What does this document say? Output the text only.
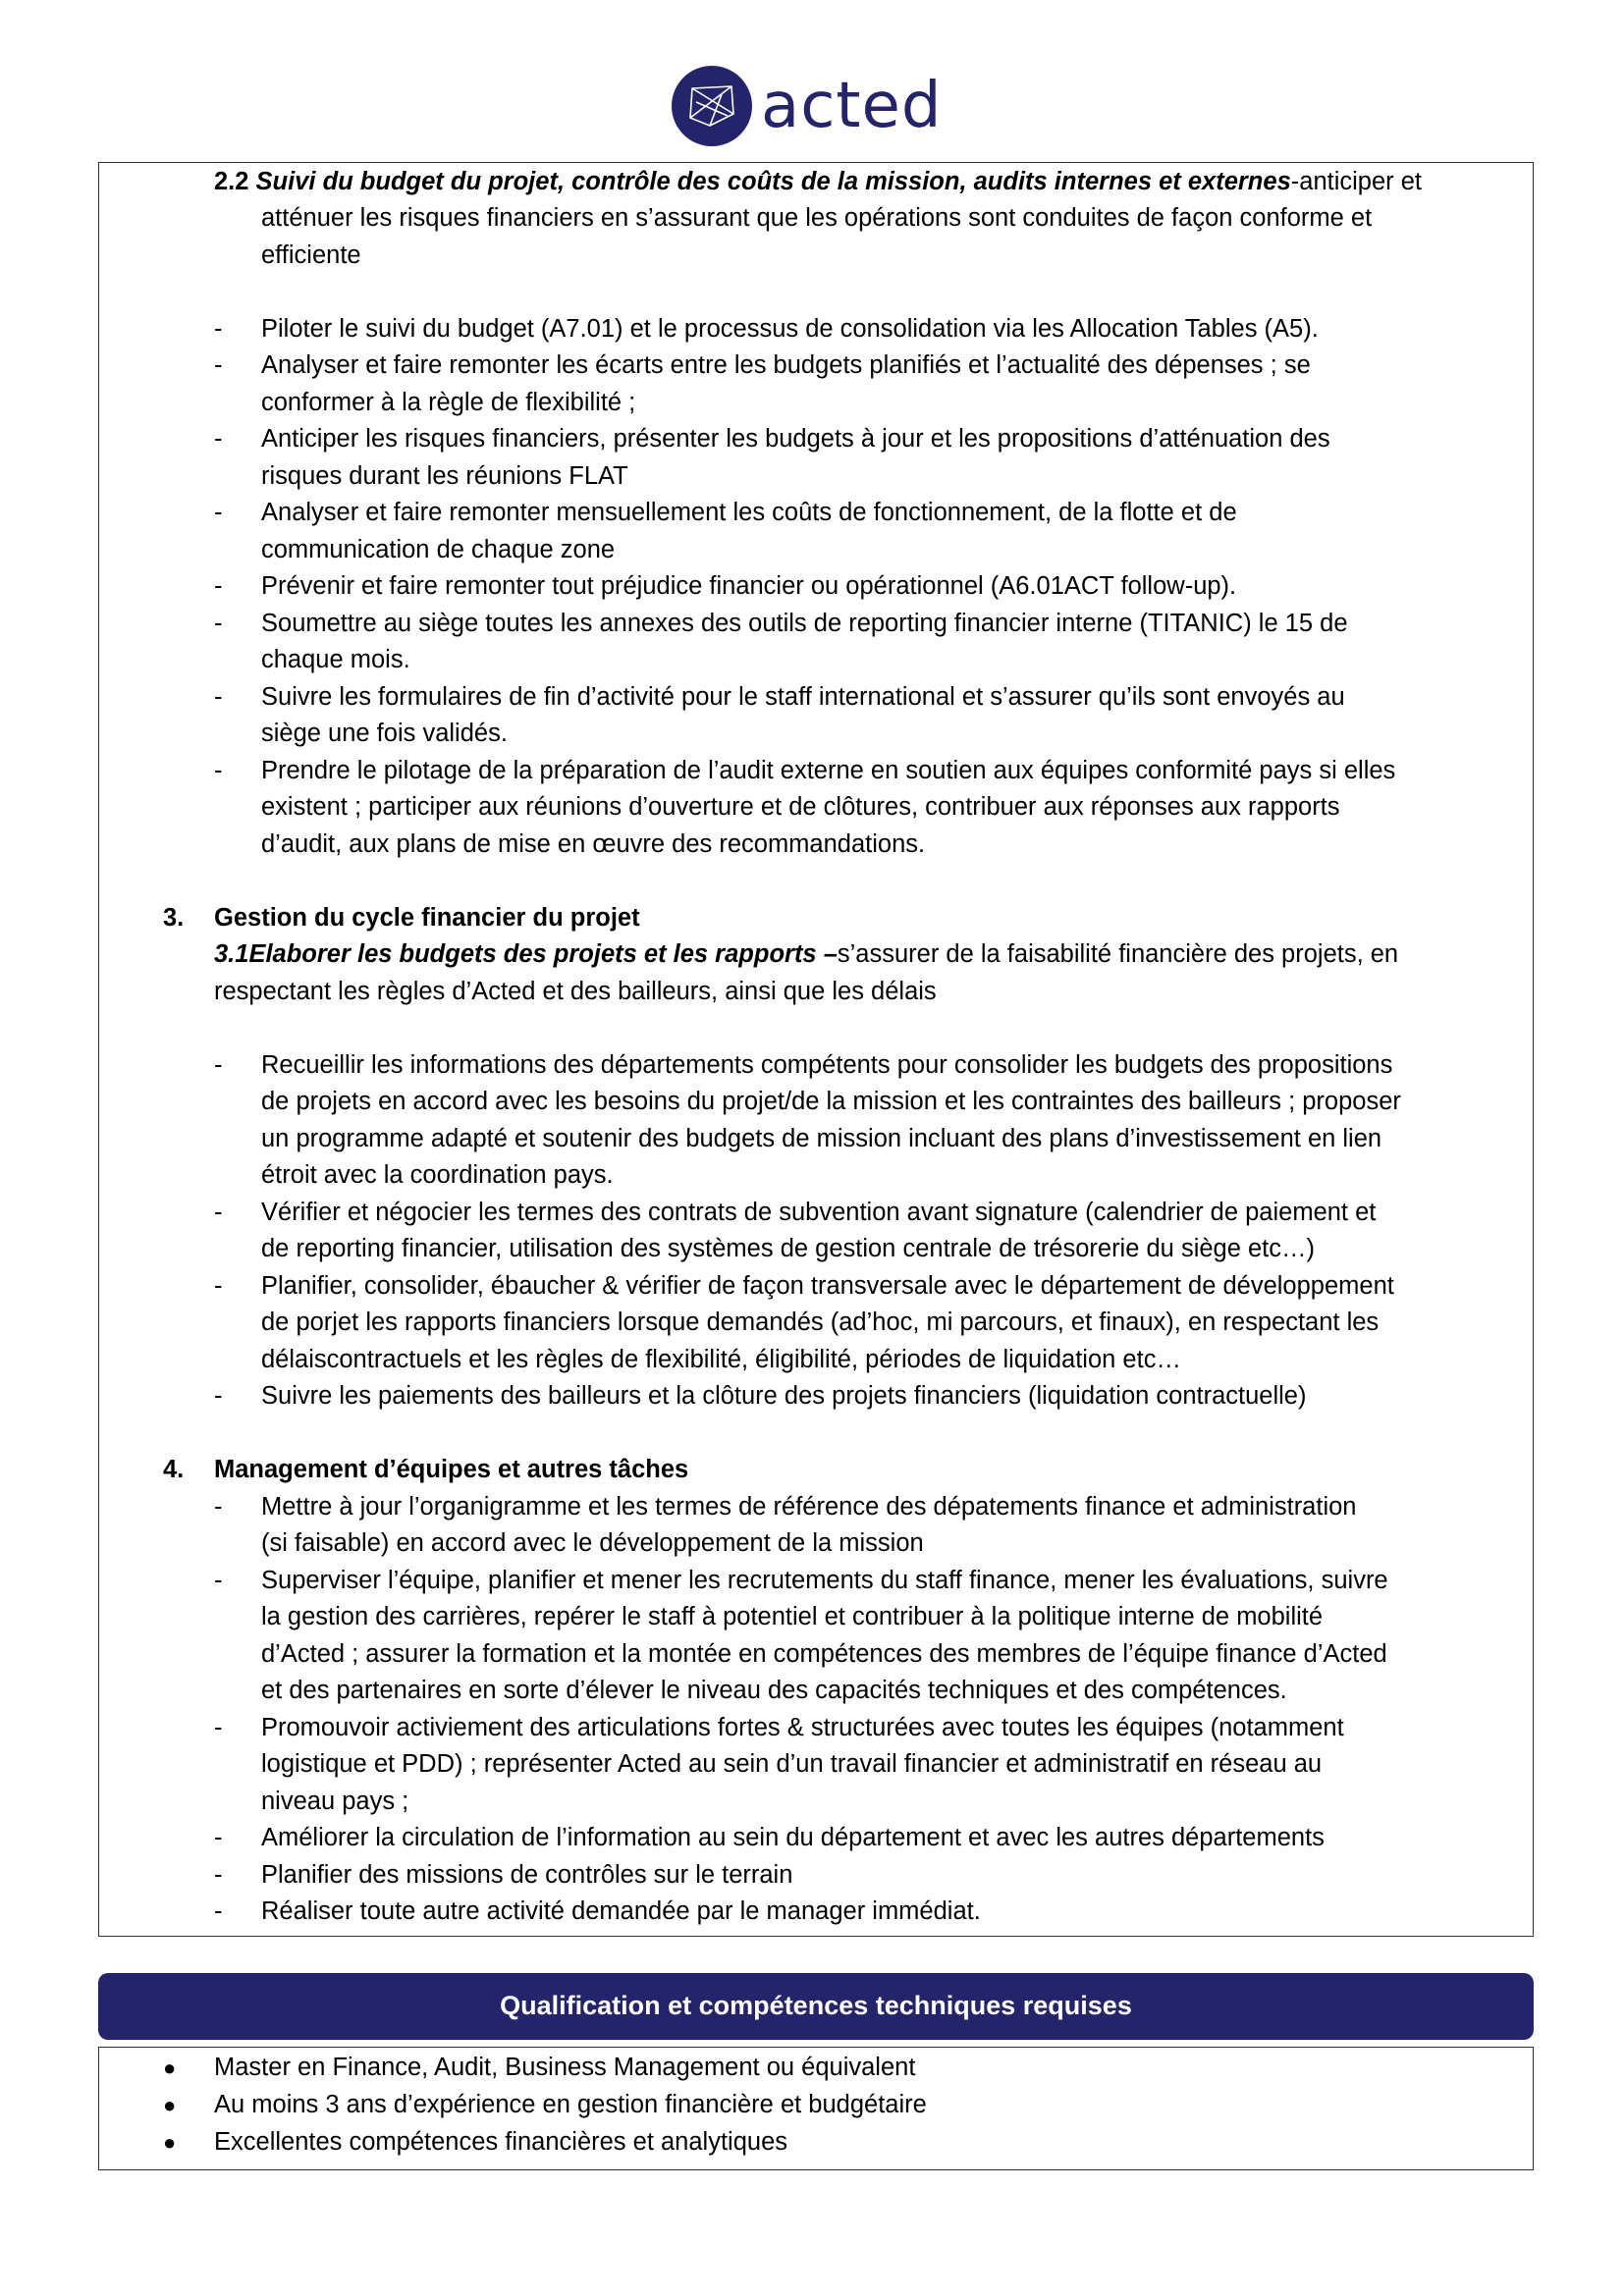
acted
2.2 Suivi du budget du projet, contrôle des coûts de la mission, audits internes et externes-anticiper et
atténuer les risques financiers en s’assurant que les opérations sont conduites de façon conforme et
efficiente
- Piloter le suivi du budget (A7.01) et le processus de consolidation via les Allocation Tables (A5).
- Analyser et faire remonter les écarts entre les budgets planifiés et l’actualité des dépenses ; se
conformer à la règle de flexibilité ;
- Anticiper les risques financiers, présenter les budgets à jour et les propositions d’atténuation des
risques durant les réunions FLAT
- Analyser et faire remonter mensuellement les coûts de fonctionnement, de la flotte et de
communication de chaque zone
- Prévenir et faire remonter tout préjudice financier ou opérationnel (A6.01ACT follow-up).
- Soumettre au siège toutes les annexes des outils de reporting financier interne (TITANIC) le 15 de
chaque mois.
- Suivre les formulaires de fin d’activité pour le staff international et s’assurer qu’ils sont envoyés au
siège une fois validés.
- Prendre le pilotage de la préparation de l’audit externe en soutien aux équipes conformité pays si elles
existent ; participer aux réunions d’ouverture et de clôtures, contribuer aux réponses aux rapports
d’audit, aux plans de mise en œuvre des recommandations.
3. Gestion du cycle financier du projet
3.1Elaborer les budgets des projets et les rapports –s’assurer de la faisabilité financière des projets, en
respectant les règles d’Acted et des bailleurs, ainsi que les délais
- Recueillir les informations des départements compétents pour consolider les budgets des propositions
de projets en accord avec les besoins du projet/de la mission et les contraintes des bailleurs ; proposer
un programme adapté et soutenir des budgets de mission incluant des plans d’investissement en lien
étroit avec la coordination pays.
- Vérifier et négocier les termes des contrats de subvention avant signature (calendrier de paiement et
de reporting financier, utilisation des systèmes de gestion centrale de trésorerie du siège etc…)
- Planifier, consolider, ébaucher & vérifier de façon transversale avec le département de développement
de porjet les rapports financiers lorsque demandés (ad’hoc, mi parcours, et finaux), en respectant les
délaiscontractuels et les règles de flexibilité, éligibilité, périodes de liquidation etc…
- Suivre les paiements des bailleurs et la clôture des projets financiers (liquidation contractuelle)
4. Management d’équipes et autres tâches
- Mettre à jour l’organigramme et les termes de référence des dépatements finance et administration
(si faisable) en accord avec le développement de la mission
- Superviser l’équipe, planifier et mener les recrutements du staff finance, mener les évaluations, suivre
la gestion des carrières, repérer le staff à potentiel et contribuer à la politique interne de mobilité
d’Acted ; assurer la formation et la montée en compétences des membres de l’équipe finance d’Acted
et des partenaires en sorte d’élever le niveau des capacités techniques et des compétences.
- Promouvoir activiement des articulations fortes & structurées avec toutes les équipes (notamment
logistique et PDD) ; représenter Acted au sein d’un travail financier et administratif en réseau au
niveau pays ;
- Améliorer la circulation de l’information au sein du département et avec les autres départements
- Planifier des missions de contrôles sur le terrain
- Réaliser toute autre activité demandée par le manager immédiat.
Qualification et compétences techniques requises
● Master en Finance, Audit, Business Management ou équivalent
● Au moins 3 ans d’expérience en gestion financière et budgétaire
● Excellentes compétences financières et analytiques
